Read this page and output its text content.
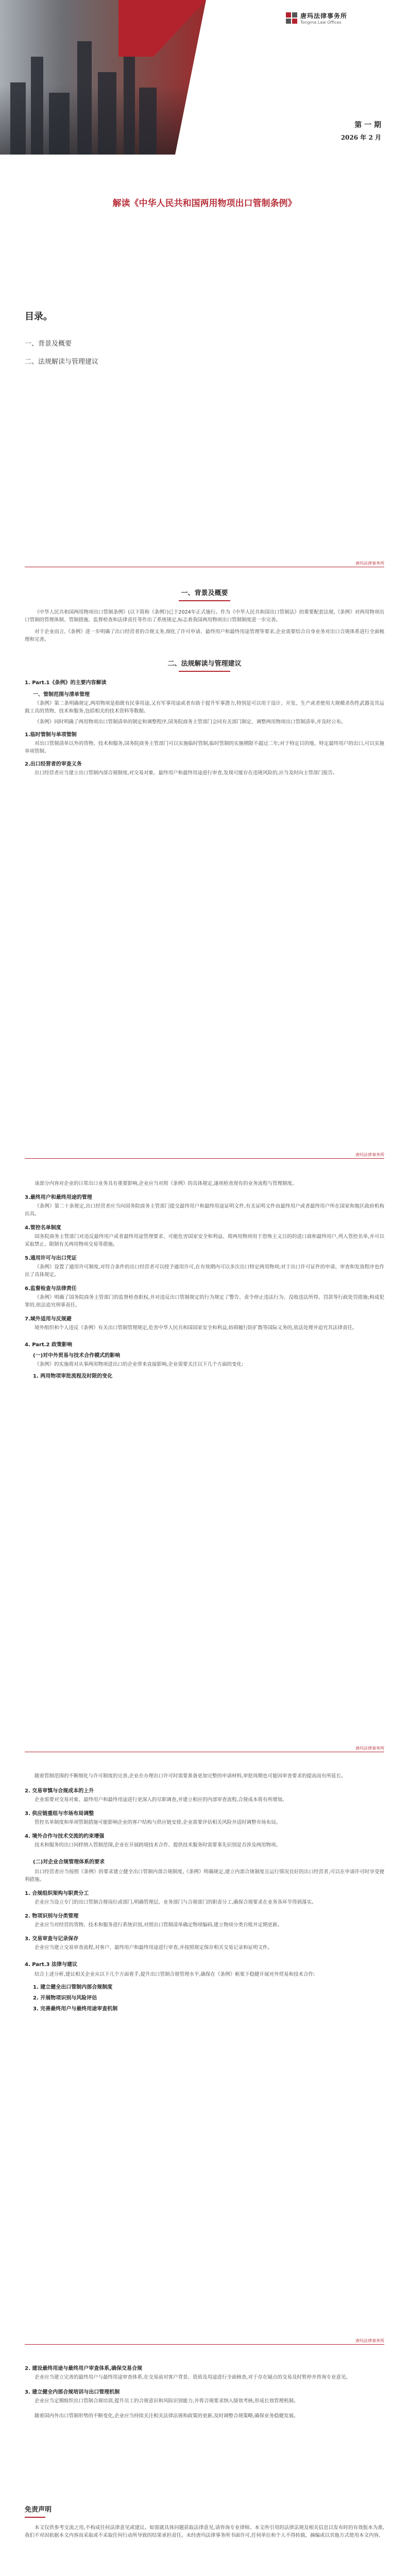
唐玛法律事务所
Tongma Law Offices
第 一 期
2026 年 2 月
解读《中华人民共和国两用物项出口管制条例》
目录。
一、背景及概要
二、法规解读与管理建议
唐玛法律事务所
一、背景及概要

《中华人民共和国两用物项出口管制条例》(以下简称《条例》)已于2024年正式施行。作为《中华人民共和国出口管制法》的重要配套法规,《条例》对两用物项出口管制的管理体制、管制措施、监督检查和法律责任等作出了系统规定,标志着我国两用物项出口管制制度进一步完善。

对于企业而言,《条例》进一步明确了出口经营者的合规义务,细化了许可申请、最终用户和最终用途管理等要求,企业需要结合自身业务对出口合规体系进行全面梳理和完善。

二、法规解读与管理建议
1. Part.1《条例》的主要内容解读
一、管制范围与清单管理

《条例》第二条明确规定,两用物项是指既有民事用途,又有军事用途或者有助于提升军事潜力,特别是可以用于设计、开发、生产或者使用大规模杀伤性武器及其运载工具的货物、技术和服务,包括相关的技术资料等数据。

《条例》同时明确了两用物项出口管制清单的制定和调整程序,国务院商务主管部门会同有关部门制定、调整两用物项出口管制清单,并及时公布。

1.临时管制与单项管制

对出口管制清单以外的货物、技术和服务,国务院商务主管部门可以实施临时管制,临时管制的实施期限不超过二年;对于特定目的地、特定最终用户的出口,可以实施单项管制。

2.出口经营者的审查义务

出口经营者应当建立出口管制内部合规制度,对交易对象、最终用户和最终用途进行审查,发现可能存在违规风险的,应当及时向主管部门报告。

唐玛法律事务所

该部分内容对企业的日常出口业务具有重要影响,企业应当对照《条例》的具体规定,逐项检查现有的业务流程与管理制度。

3.最终用户和最终用途的管理

《条例》第二十条规定,出口经营者应当向国务院商务主管部门提交最终用户和最终用途证明文件,有关证明文件由最终用户或者最终用户所在国家和地区政府机构出具。

4.管控名单制度

国务院商务主管部门对违反最终用户或者最终用途管理要求、可能危害国家安全和利益、将两用物项用于恐怖主义目的的进口商和最终用户,列入管控名单,并可以采取禁止、限制有关两用物项交易等措施。

5.通用许可与出口凭证

《条例》设置了通用许可制度,对符合条件的出口经营者可以授予通用许可,在有效期内可以多次出口特定两用物项;对于出口许可证件的申请、审查和发放程序也作出了具体规定。

6.监督检查与法律责任

《条例》明确了国务院商务主管部门的监督检查职权,并对违反出口管制规定的行为规定了警告、责令停止违法行为、没收违法所得、罚款等行政处罚措施;构成犯罪的,依法追究刑事责任。

7.域外适用与反规避

境外组织和个人违反《条例》有关出口管制管理规定,危害中华人民共和国国家安全和利益,妨碍履行防扩散等国际义务的,依法处理并追究其法律责任。

4. Part.2 政策影响
(一)对中外贸易与技术合作模式的影响

《条例》的实施将对从事两用物项进出口的企业带来直接影响,企业需要关注以下几个方面的变化:

1. 两用物项审批流程及时限的变化
唐玛法律事务所

随着管制范围的不断细化与许可制度的完善,企业在办理出口许可时需要准备更加完整的申请材料,审批周期也可能因审查要求的提高而有所延长。

2. 交易审慎与合规成本的上升

企业需要对交易对象、最终用户和最终用途进行更深入的尽职调查,并建立相应的内部审查流程,合规成本将有所增加。

3. 供应链重组与市场布局调整

管控名单制度和单项管制措施可能影响企业的客户结构与供应链安排,企业需要评估相关风险并适时调整市场布局。

4. 境外合作与技术交流的约束增强

技术和服务的出口同样纳入管制范围,企业在开展跨境技术合作、提供技术服务时需要事先识别是否涉及两用物项。

(二)对企业合规管理体系的要求

出口经营者应当按照《条例》的要求建立健全出口管制内部合规制度,《条例》明确规定,建立内部合规制度且运行情况良好的出口经营者,可以在申请许可时享受便利措施。

1. 合规组织架构与职责分工

企业应当设立专门的出口管制合规岗位或部门,明确管理层、业务部门与合规部门的职责分工,确保合规要求在业务各环节得到落实。

2. 物项识别与分类管理

企业应当对经营的货物、技术和服务进行系统识别,对照出口管制清单确定物项编码,建立物项分类台账并定期更新。

3. 交易审查与记录保存

企业应当建立交易审查流程,对客户、最终用户和最终用途进行审查,并按照规定保存相关交易记录和证明文件。

4. Part.3 法律与建议

结合上述分析,建议相关企业从以下几个方面着手,提升出口管制合规管理水平,确保在《条例》框架下稳健开展对外贸易和技术合作:

1. 建立健全出口管制内部合规制度
2. 开展物项识别与风险评估
3. 完善最终用户与最终用途审查机制
唐玛法律事务所
2. 建设最终用途与最终用户审查体系,确保交易合规

企业应当建立完善的最终用户与最终用途审查体系,在交易前对客户背景、资质及用途进行全面核查,对于存在疑点的交易及时暂停并咨询专业意见。

3. 建立健全内部合规培训与出口管理机制

企业应当定期组织出口管制合规培训,提升员工的合规意识和风险识别能力,并将合规要求纳入绩效考核,形成长效管理机制。

随着国内外出口管制形势的不断变化,企业应当持续关注相关法律法规和政策的更新,及时调整合规策略,确保业务稳健发展。

免责声明

本文仅供参考交流之用,不构成任何法律意见或建议。如需就具体问题获取法律意见,请咨询专业律师。本文所引用的法律法规及相关信息以发布时的有效版本为准,我们不对因依据本文内容而采取或不采取任何行动所导致的结果承担责任。未经唐玛法律事务所书面许可,任何单位和个人不得转载、摘编或以其他方式使用本文内容。
